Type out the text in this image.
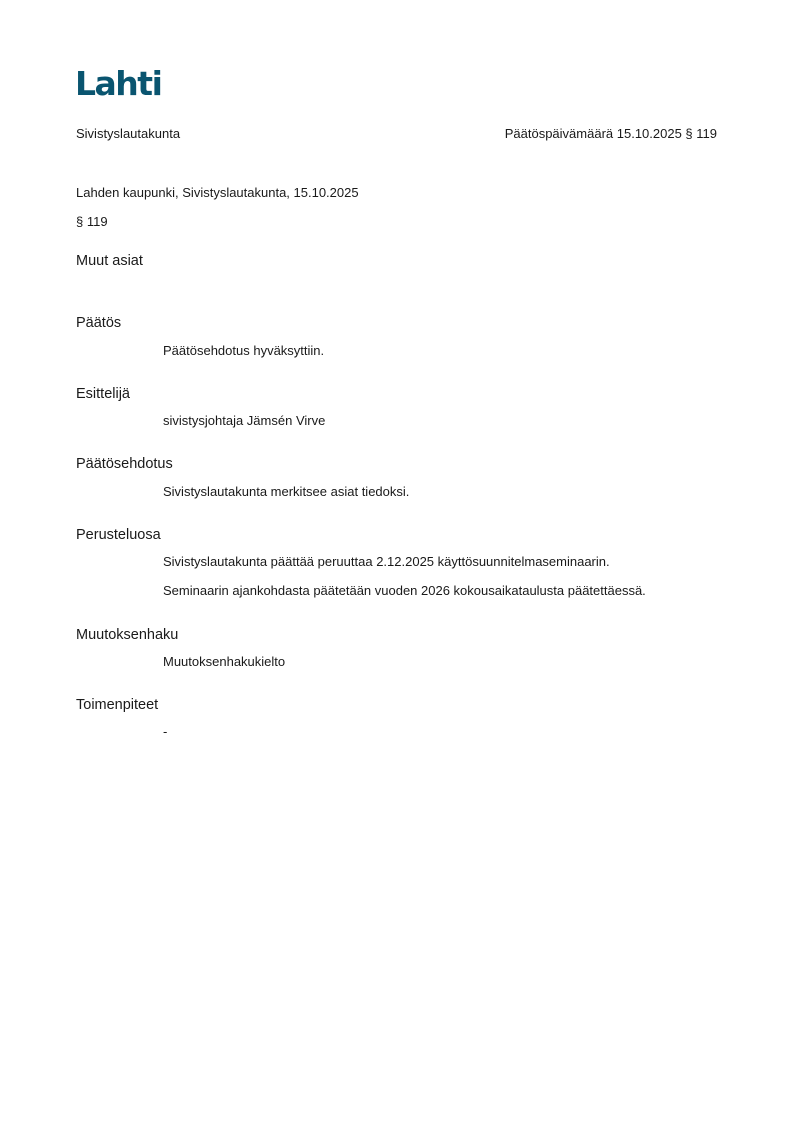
Lahti
Sivistyslautakunta	Päätöspäivämäärä 15.10.2025 § 119
Lahden kaupunki, Sivistyslautakunta, 15.10.2025
§ 119
Muut asiat
Päätös
Päätösehdotus hyväksyttiin.
Esittelijä
sivistysjohtaja Jämsén Virve
Päätösehdotus
Sivistyslautakunta merkitsee asiat tiedoksi.
Perusteluosa
Sivistyslautakunta päättää peruuttaa 2.12.2025 käyttösuunnitelmaseminaarin.
Seminaarin ajankohdasta päätetään vuoden 2026 kokousaikataulusta päätettäessä.
Muutoksenhaku
Muutoksenhakukielto
Toimenpiteet
-
